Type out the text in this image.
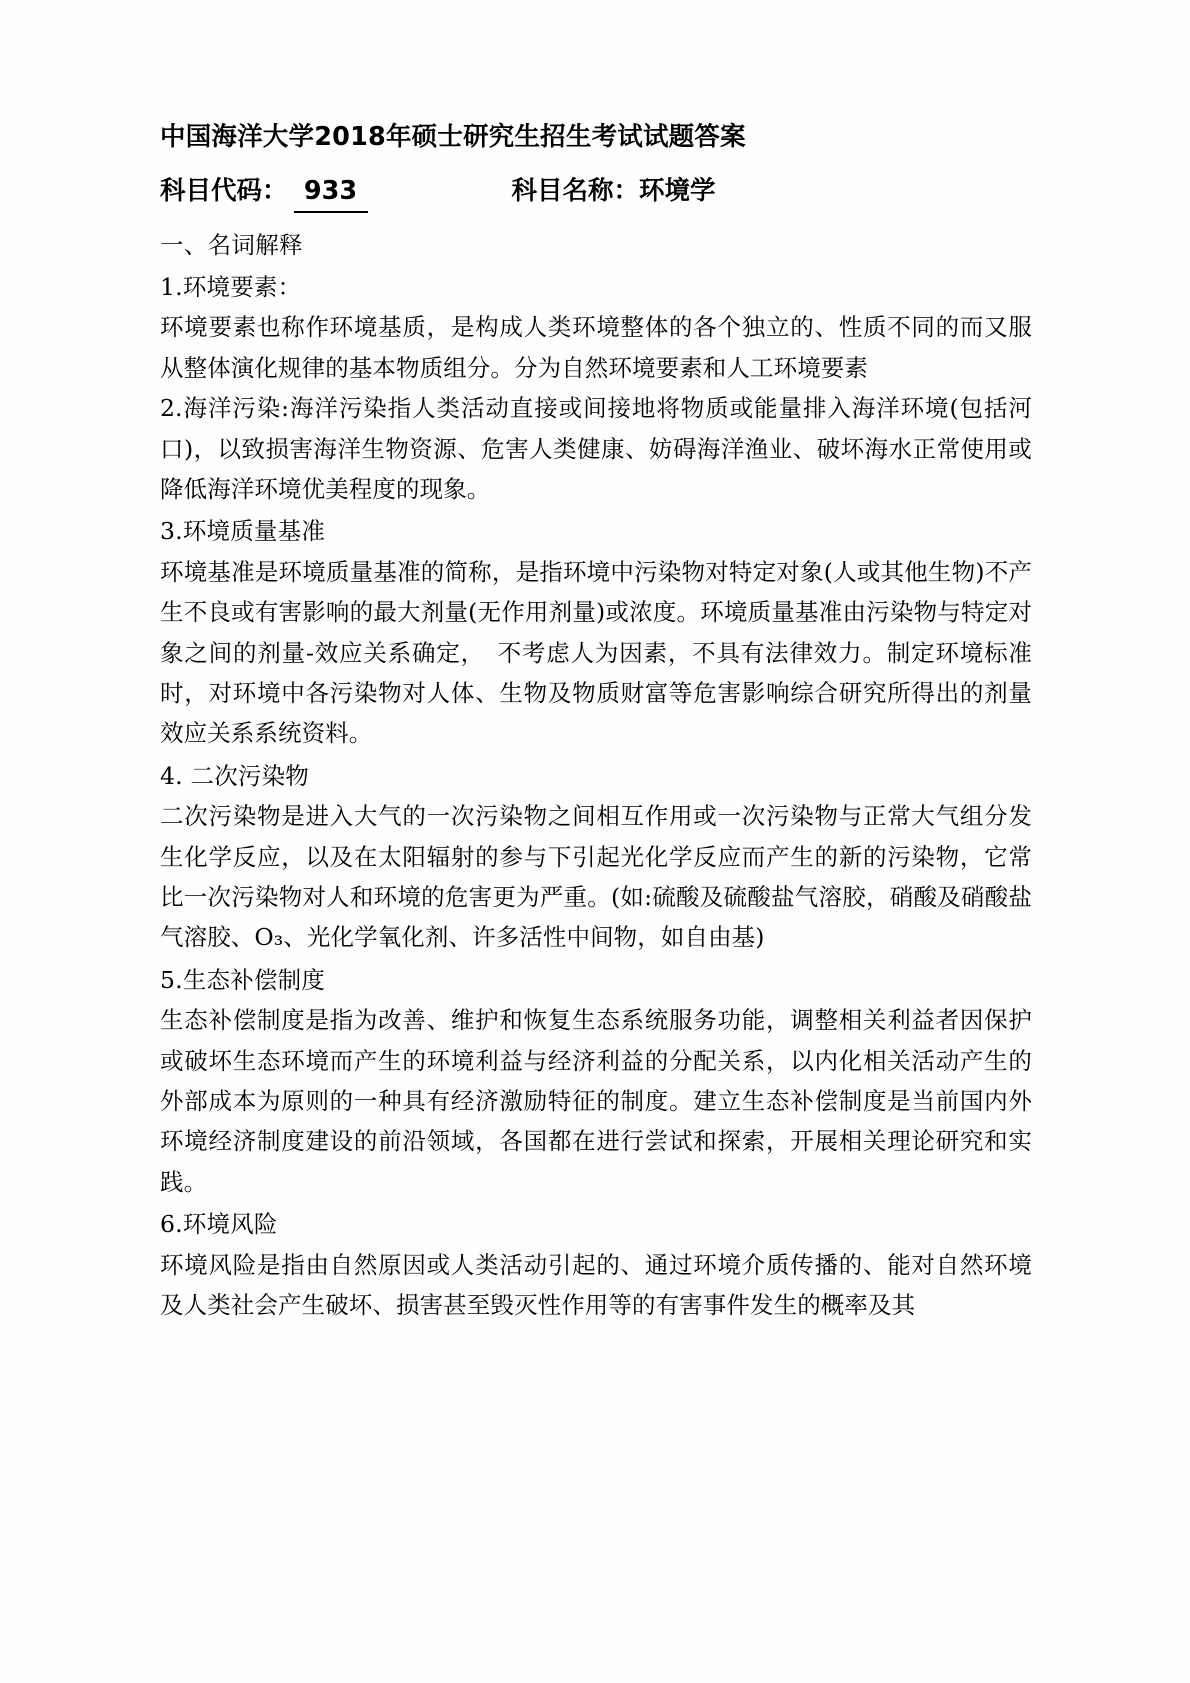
中国海洋大学2018年硕士研究生招生考试试题答案
科目代码： 933	科目名称：环境学
一、名词解释
1.环境要素：

环境要素也称作环境基质，是构成人类环境整体的各个独立的、性质不同的而又服从整体演化规律的基本物质组分。分为自然环境要素和人工环境要素

2.海洋污染:海洋污染指人类活动直接或间接地将物质或能量排入海洋环境(包括河口)，以致损害海洋生物资源、危害人类健康、妨碍海洋渔业、破坏海水正常使用或降低海洋环境优美程度的现象。

3.环境质量基准

环境基准是环境质量基准的简称，是指环境中污染物对特定对象(人或其他生物)不产生不良或有害影响的最大剂量(无作用剂量)或浓度。环境质量基准由污染物与特定对象之间的剂量-效应关系确定，　不考虑人为因素，不具有法律效力。制定环境标准时，对环境中各污染物对人体、生物及物质财富等危害影响综合研究所得出的剂量效应关系系统资料。

4. 二次污染物

二次污染物是进入大气的一次污染物之间相互作用或一次污染物与正常大气组分发生化学反应，以及在太阳辐射的参与下引起光化学反应而产生的新的污染物，它常比一次污染物对人和环境的危害更为严重。(如:硫酸及硫酸盐气溶胶，硝酸及硝酸盐气溶胶、O₃、光化学氧化剂、许多活性中间物，如自由基)

5.生态补偿制度

生态补偿制度是指为改善、维护和恢复生态系统服务功能，调整相关利益者因保护或破坏生态环境而产生的环境利益与经济利益的分配关系，以内化相关活动产生的外部成本为原则的一种具有经济激励特征的制度。建立生态补偿制度是当前国内外环境经济制度建设的前沿领域，各国都在进行尝试和探索，开展相关理论研究和实践。

6.环境风险

环境风险是指由自然原因或人类活动引起的、通过环境介质传播的、能对自然环境及人类社会产生破坏、损害甚至毁灭性作用等的有害事件发生的概率及其
